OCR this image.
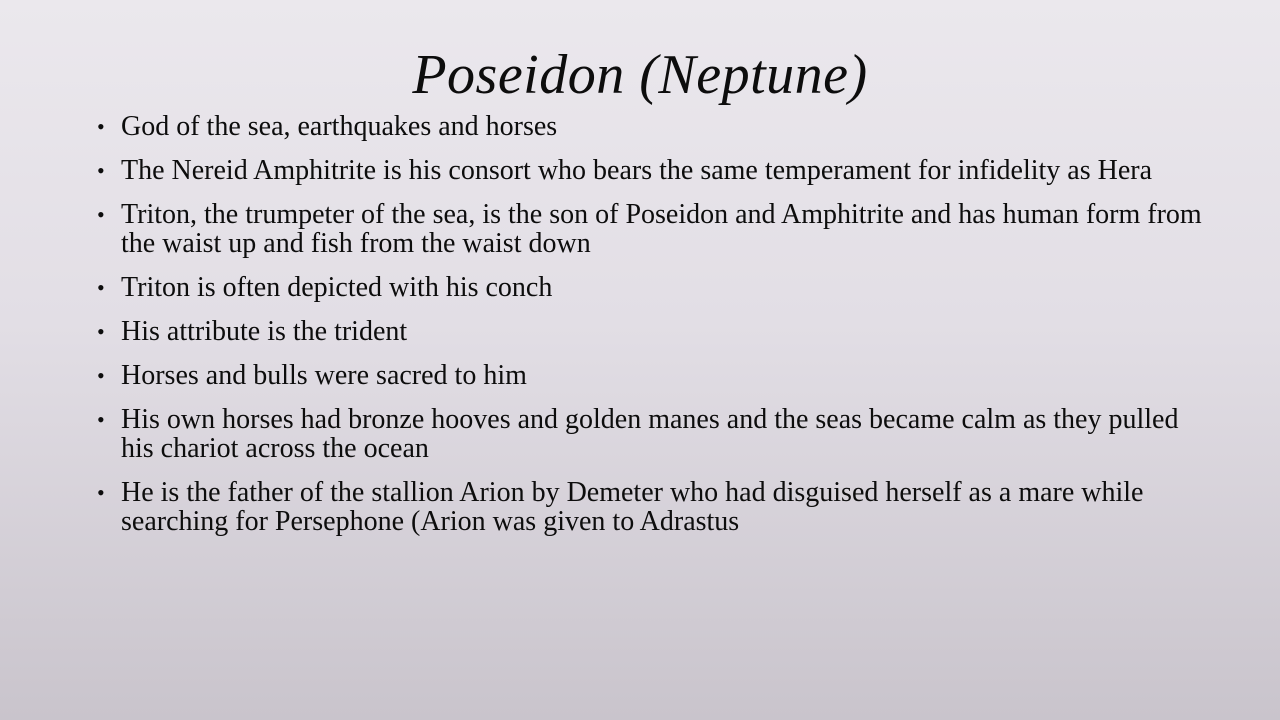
Poseidon (Neptune)
• God of the sea, earthquakes and horses
• The Nereid Amphitrite is his consort who bears the same temperament for infidelity as Hera
• Triton, the trumpeter of the sea, is the son of Poseidon and Amphitrite and has human form from the waist up and fish from the waist down
• Triton is often depicted with his conch
• His attribute is the trident
• Horses and bulls were sacred to him
• His own horses had bronze hooves and golden manes and the seas became calm as they pulled his chariot across the ocean
• He is the father of the stallion Arion by Demeter who had disguised herself as a mare while searching for Persephone (Arion was given to Adrastus
